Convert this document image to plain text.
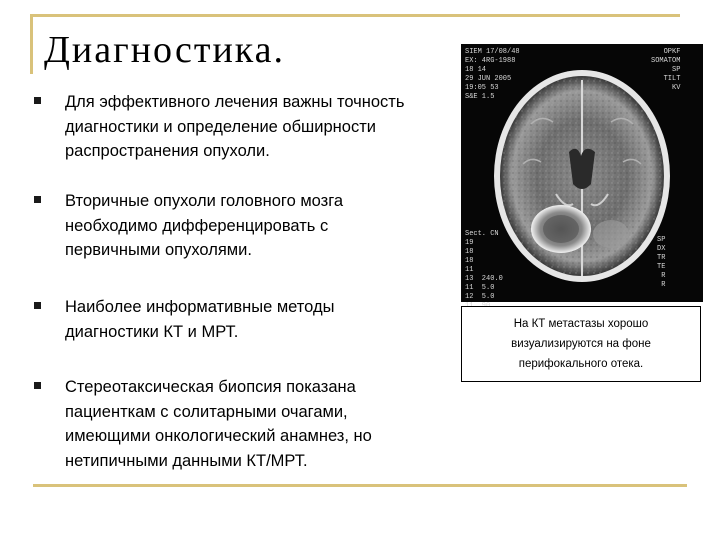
Диагностика.
Для эффективного лечения важны точность диагностики и определение обширности распространения опухоли.
Вторичные опухоли головного мозга необходимо дифференцировать с первичными опухолями.
Наиболее информативные методы диагностики КТ и МРТ.
Стереотаксическая биопсия показана пациенткам с солитарными очагами, имеющими онкологический анамнез, но нетипичными данными КТ/МРТ.
SIEM 17/08/48
EX: 4RG-1988
18 14
29 JUN 2005
19:05 53
S&E 1.5
OPKF
SOMATOM
SP
TILT
KV
Sect. CN
19
18
18
11
13  240.0
11  5.0
12  5.0

SP
DX
TR
TE
R
R
На КТ метастазы хорошо визуализируются на фоне перифокального отека.
